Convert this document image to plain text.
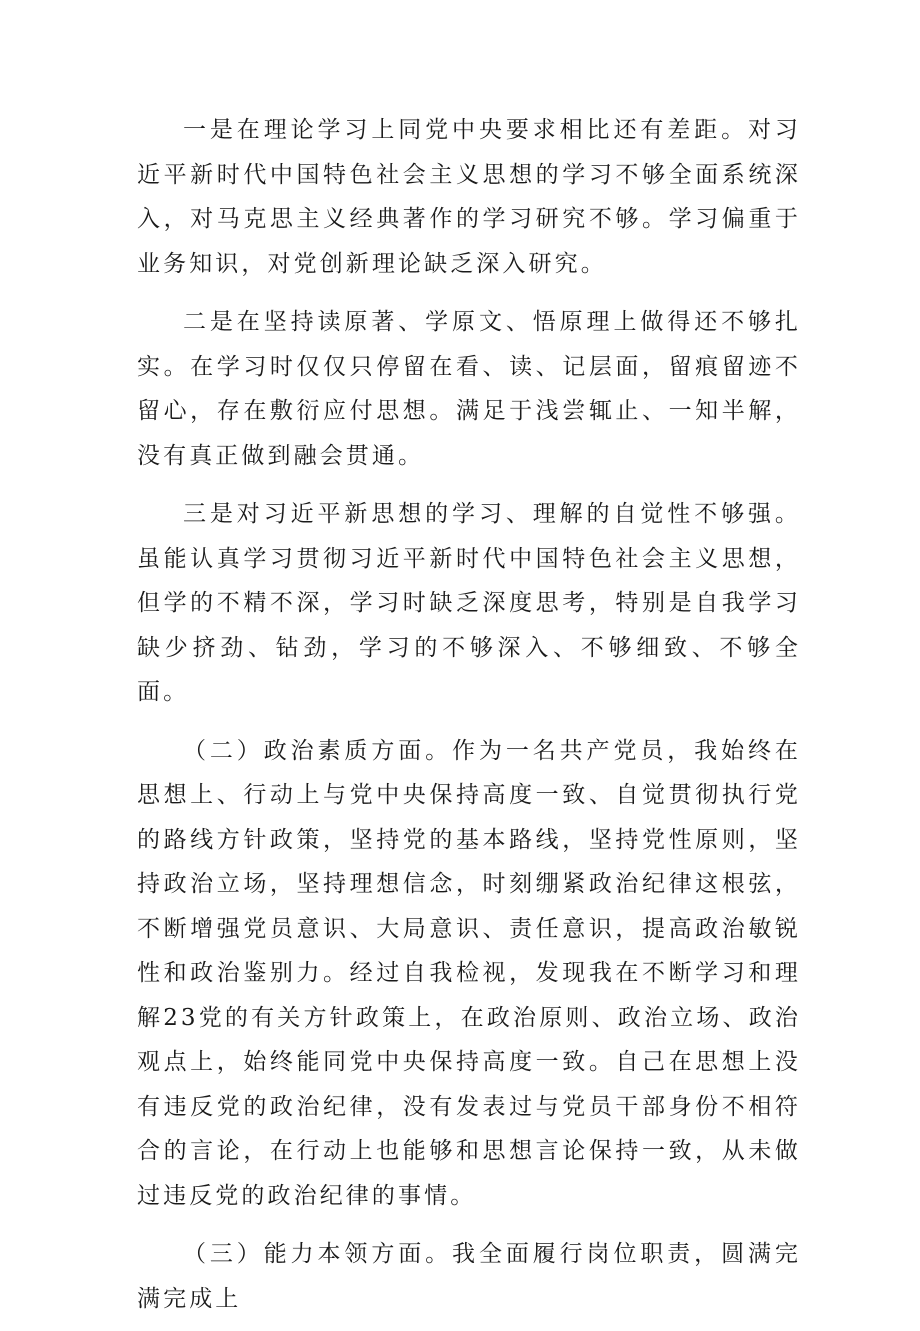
一是在理论学习上同党中央要求相比还有差距。对习近平新时代中国特色社会主义思想的学习不够全面系统深入，对马克思主义经典著作的学习研究不够。学习偏重于业务知识，对党创新理论缺乏深入研究。

二是在坚持读原著、学原文、悟原理上做得还不够扎实。在学习时仅仅只停留在看、读、记层面，留痕留迹不留心，存在敷衍应付思想。满足于浅尝辄止、一知半解，没有真正做到融会贯通。

三是对习近平新思想的学习、理解的自觉性不够强。虽能认真学习贯彻习近平新时代中国特色社会主义思想，但学的不精不深，学习时缺乏深度思考，特别是自我学习缺少挤劲、钻劲，学习的不够深入、不够细致、不够全面。

（二）政治素质方面。作为一名共产党员，我始终在思想上、行动上与党中央保持高度一致、自觉贯彻执行党的路线方针政策，坚持党的基本路线，坚持党性原则，坚持政治立场，坚持理想信念，时刻绷紧政治纪律这根弦，不断增强党员意识、大局意识、责任意识，提高政治敏锐性和政治鉴别力。经过自我检视，发现我在不断学习和理解23党的有关方针政策上，在政治原则、政治立场、政治观点上，始终能同党中央保持高度一致。自己在思想上没有违反党的政治纪律，没有发表过与党员干部身份不相符合的言论，在行动上也能够和思想言论保持一致，从未做过违反党的政治纪律的事情。

（三）能力本领方面。我全面履行岗位职责，圆满完满完成上
